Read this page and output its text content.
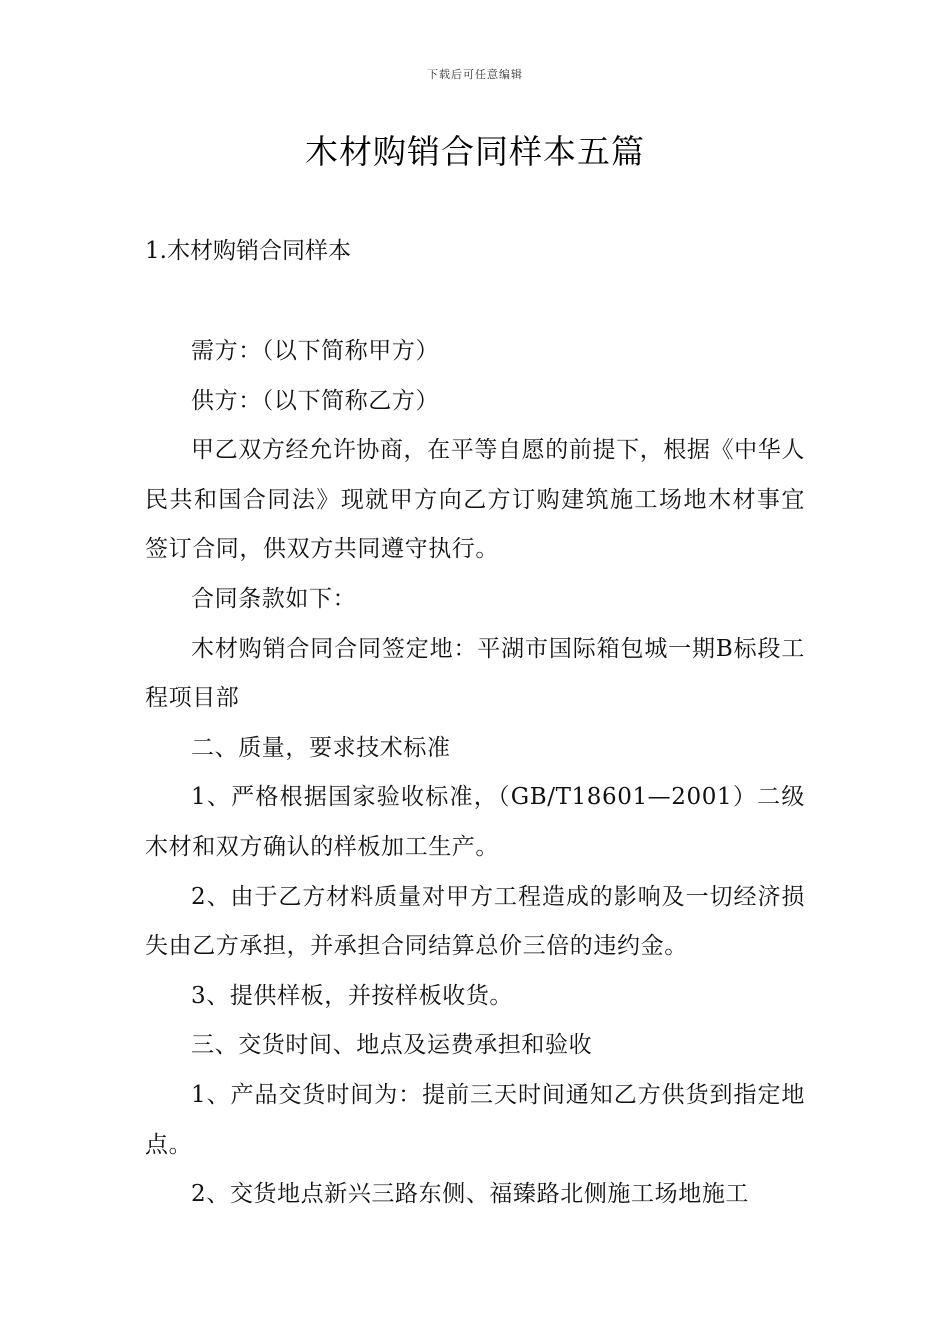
下载后可任意编辑
木材购销合同样本五篇
1.木材购销合同样本

需方：（以下简称甲方）

供方：（以下简称乙方）

甲乙双方经允许协商，在平等自愿的前提下，根据《中华人民共和国合同法》现就甲方向乙方订购建筑施工场地木材事宜签订合同，供双方共同遵守执行。

合同条款如下：

木材购销合同合同签定地：平湖市国际箱包城一期B标段工程项目部

二、质量，要求技术标准

1、严格根据国家验收标准，（GB/T18601—2001）二级木材和双方确认的样板加工生产。

2、由于乙方材料质量对甲方工程造成的影响及一切经济损失由乙方承担，并承担合同结算总价三倍的违约金。

3、提供样板，并按样板收货。

三、交货时间、地点及运费承担和验收

1、产品交货时间为：提前三天时间通知乙方供货到指定地点。

2、交货地点新兴三路东侧、福臻路北侧施工场地施工
